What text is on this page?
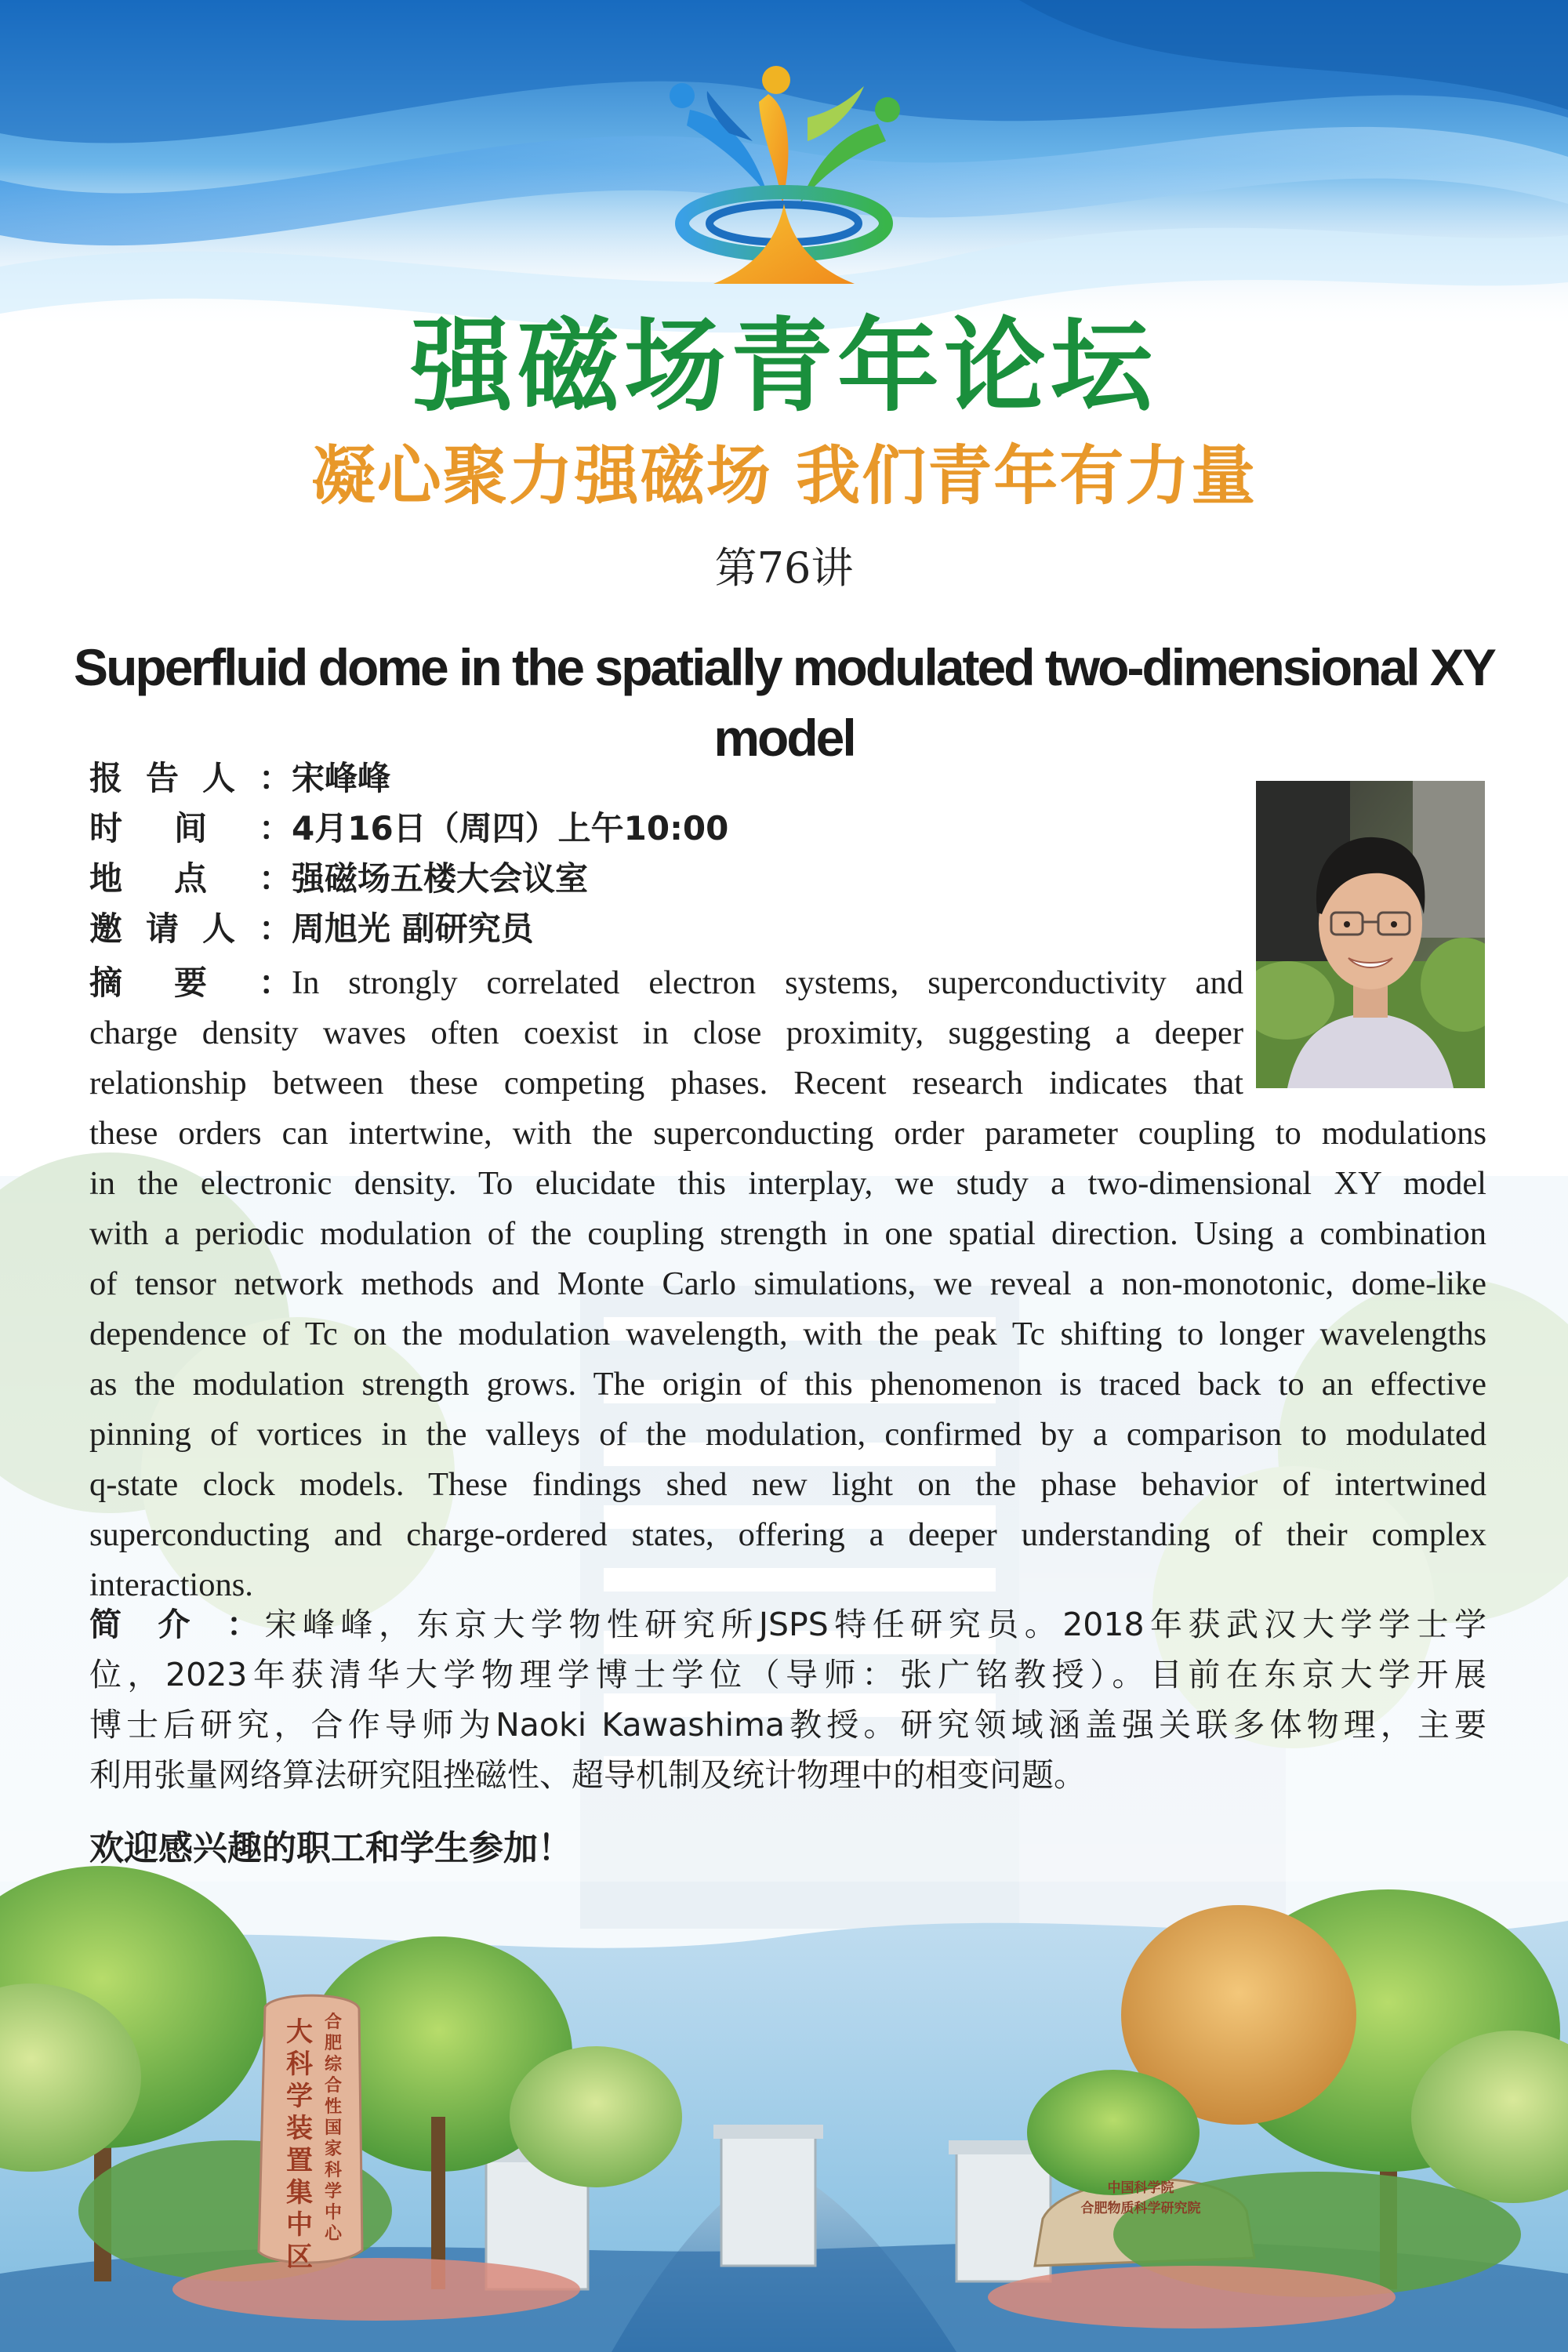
强磁场青年论坛
凝心聚力强磁场 我们青年有力量
第76讲
Superfluid dome in the spatially modulated two-dimensional XY model
报告人：宋峰峰
时间：4月16日（周四）上午10:00
地点：强磁场五楼大会议室
邀请人：周旭光 副研究员
摘要：In strongly correlated electron systems, superconductivity and
charge density waves often coexist in close proximity, suggesting a deeper
relationship between these competing phases. Recent research indicates that
these orders can intertwine, with the superconducting order parameter coupling to modulations
in the electronic density. To elucidate this interplay, we study a two-dimensional XY model
with a periodic modulation of the coupling strength in one spatial direction. Using a combination
of tensor network methods and Monte Carlo simulations, we reveal a non-monotonic, dome-like
dependence of Tc on the modulation wavelength, with the peak Tc shifting to longer wavelengths
as the modulation strength grows. The origin of this phenomenon is traced back to an effective
pinning of vortices in the valleys of the modulation, confirmed by a comparison to modulated
q-state clock models. These findings shed new light on the phase behavior of intertwined
superconducting and charge-ordered states, offering a deeper understanding of their complex
interactions.
简介：宋峰峰，东京大学物性研究所JSPS特任研究员。2018年获武汉大学学士学
位，2023年获清华大学物理学博士学位（导师：张广铭教授）。目前在东京大学开展
博士后研究，合作导师为Naoki Kawashima教授。研究领域涵盖强关联多体物理，主要
利用张量网络算法研究阻挫磁性、超导机制及统计物理中的相变问题。
欢迎感兴趣的职工和学生参加！
合肥综合性国家科学中心
大科学装置集中区
中国科学院
合肥物质科学研究院
